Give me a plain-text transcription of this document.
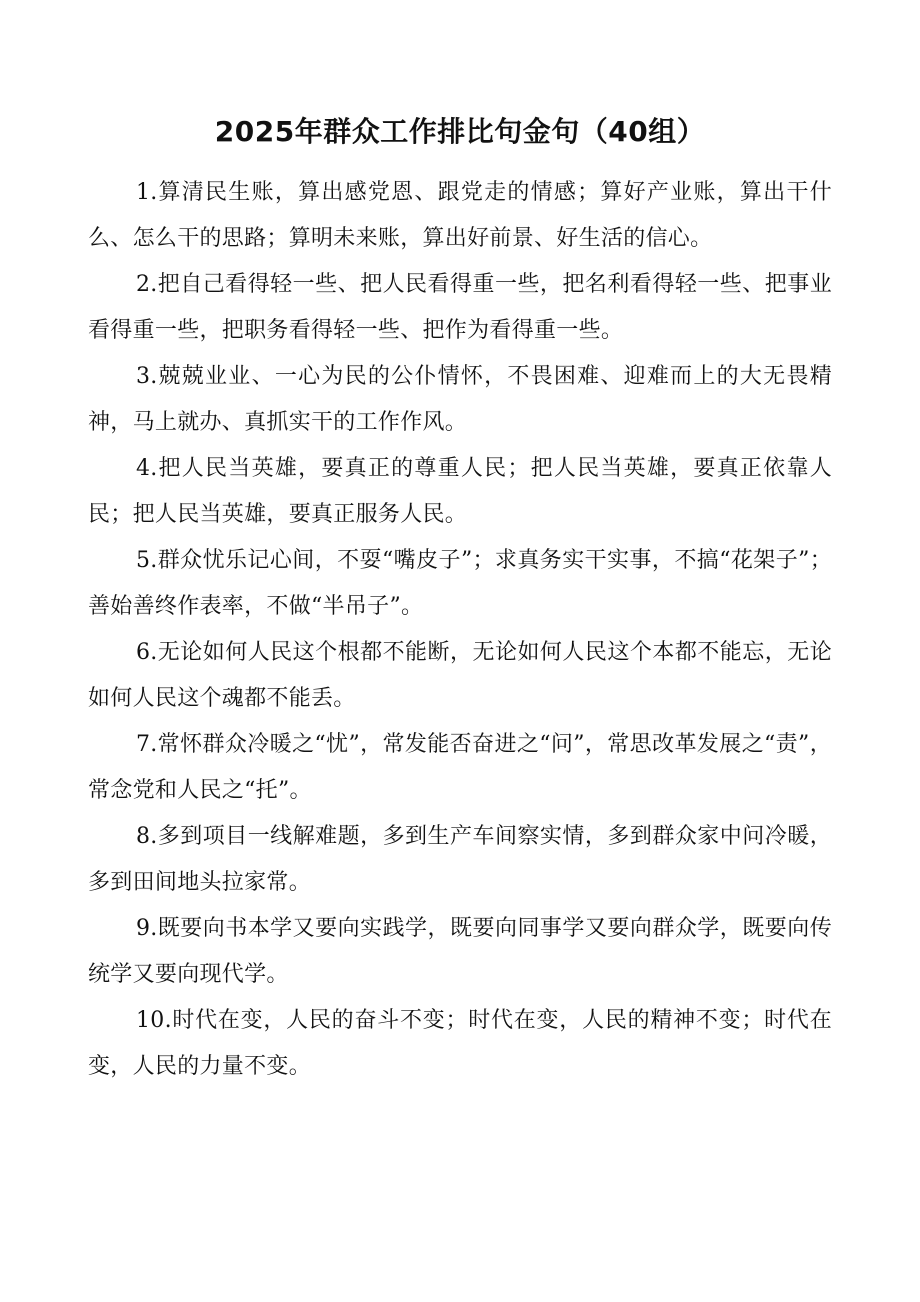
2025年群众工作排比句金句（40组）

1.算清民生账，算出感党恩、跟党走的情感；算好产业账，算出干什么、怎么干的思路；算明未来账，算出好前景、好生活的信心。

2.把自己看得轻一些、把人民看得重一些，把名利看得轻一些、把事业看得重一些，把职务看得轻一些、把作为看得重一些。

3.兢兢业业、一心为民的公仆情怀，不畏困难、迎难而上的大无畏精神，马上就办、真抓实干的工作作风。

4.把人民当英雄，要真正的尊重人民；把人民当英雄，要真正依靠人民；把人民当英雄，要真正服务人民。

5.群众忧乐记心间，不耍“嘴皮子”；求真务实干实事，不搞“花架子”；善始善终作表率，不做“半吊子”。

6.无论如何人民这个根都不能断，无论如何人民这个本都不能忘，无论如何人民这个魂都不能丢。

7.常怀群众冷暖之“忧”，常发能否奋进之“问”，常思改革发展之“责”，常念党和人民之“托”。

8.多到项目一线解难题，多到生产车间察实情，多到群众家中问冷暖，多到田间地头拉家常。

9.既要向书本学又要向实践学，既要向同事学又要向群众学，既要向传统学又要向现代学。

10.时代在变，人民的奋斗不变；时代在变，人民的精神不变；时代在变，人民的力量不变。
